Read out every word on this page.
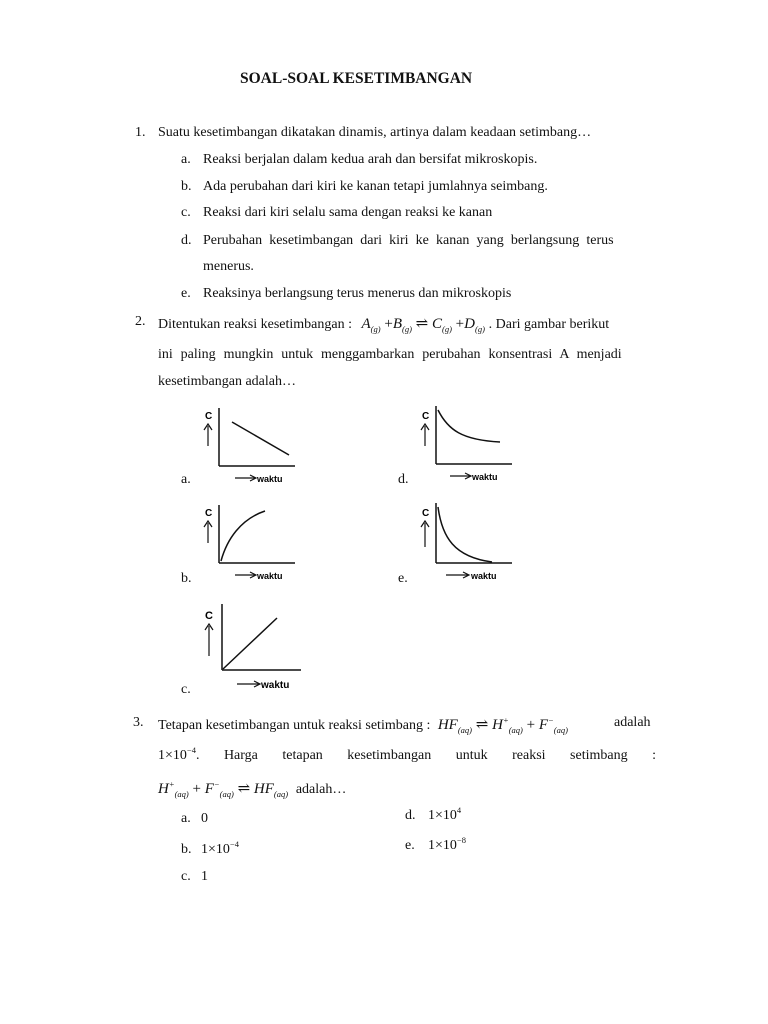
SOAL-SOAL KESETIMBANGAN
1. Suatu kesetimbangan dikatakan dinamis, artinya dalam keadaan setimbang…
a. Reaksi berjalan dalam kedua arah dan bersifat mikroskopis.
b. Ada perubahan dari kiri ke kanan tetapi jumlahnya seimbang.
c. Reaksi dari kiri selalu sama dengan reaksi ke kanan
d. Perubahan kesetimbangan dari kiri ke kanan yang berlangsung terus
menerus.
e. Reaksinya berlangsung terus menerus dan mikroskopis
2. Ditentukan reaksi kesetimbangan : $A_{(g)} +B_{(g)}$ ⇌ $C_{(g)} +D_{(g)}$ . Dari gambar berikut
ini paling mungkin untuk menggambarkan perubahan konsentrasi A menjadi
kesetimbangan adalah…
a.
b.
c.
d.
e.
C
waktu
C
waktu
C
waktu
C
waktu
C
waktu
3. Tetapan kesetimbangan untuk reaksi setimbang : $HF_{(aq)}$ ⇌ $H^+_{(aq)} + F^-_{(aq)}$	adalah
$1\times 10^{-4}$. Harga tetapan kesetimbangan untuk reaksi setimbang :
$H^+_{(aq)} + F^-_{(aq)}$ ⇌ $HF_{(aq)}$ adalah…
a. 0
b. $1\times 10^{-4}$
c. 1
d. $1\times 10^4$
e. $1\times 10^{-8}$
